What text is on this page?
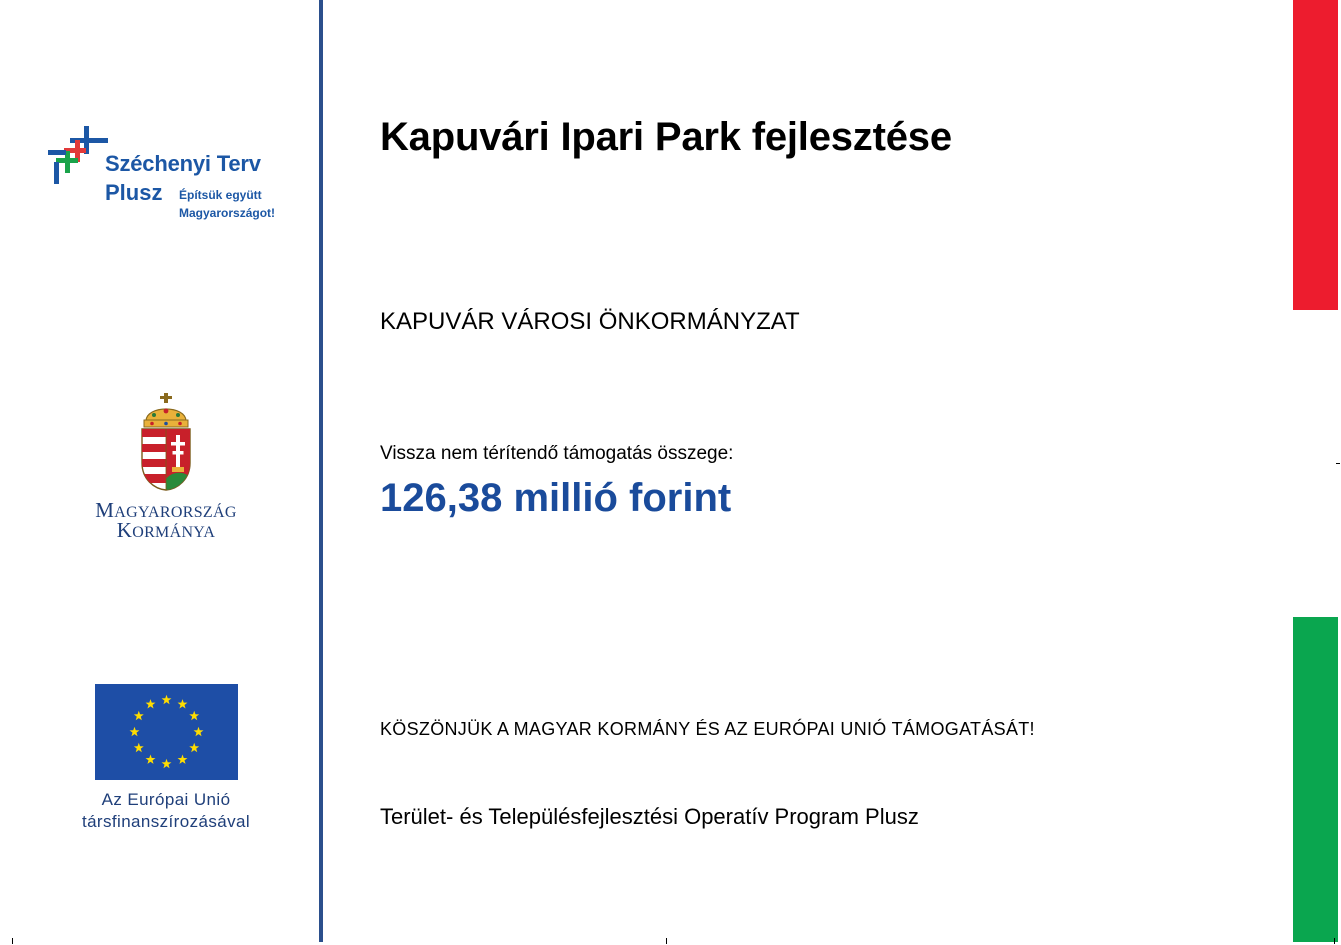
Széchenyi Terv
Plusz Építsük együtt
Magyarországot!
MAGYARORSZÁG
KORMÁNYA
Az Európai Unió
társfinanszírozásával
Kapuvári Ipari Park fejlesztése
KAPUVÁR VÁROSI ÖNKORMÁNYZAT
Vissza nem térítendő támogatás összege:
126,38 millió forint
KÖSZÖNJÜK A MAGYAR KORMÁNY ÉS AZ EURÓPAI UNIÓ TÁMOGATÁSÁT!
Terület- és Településfejlesztési Operatív Program Plusz
